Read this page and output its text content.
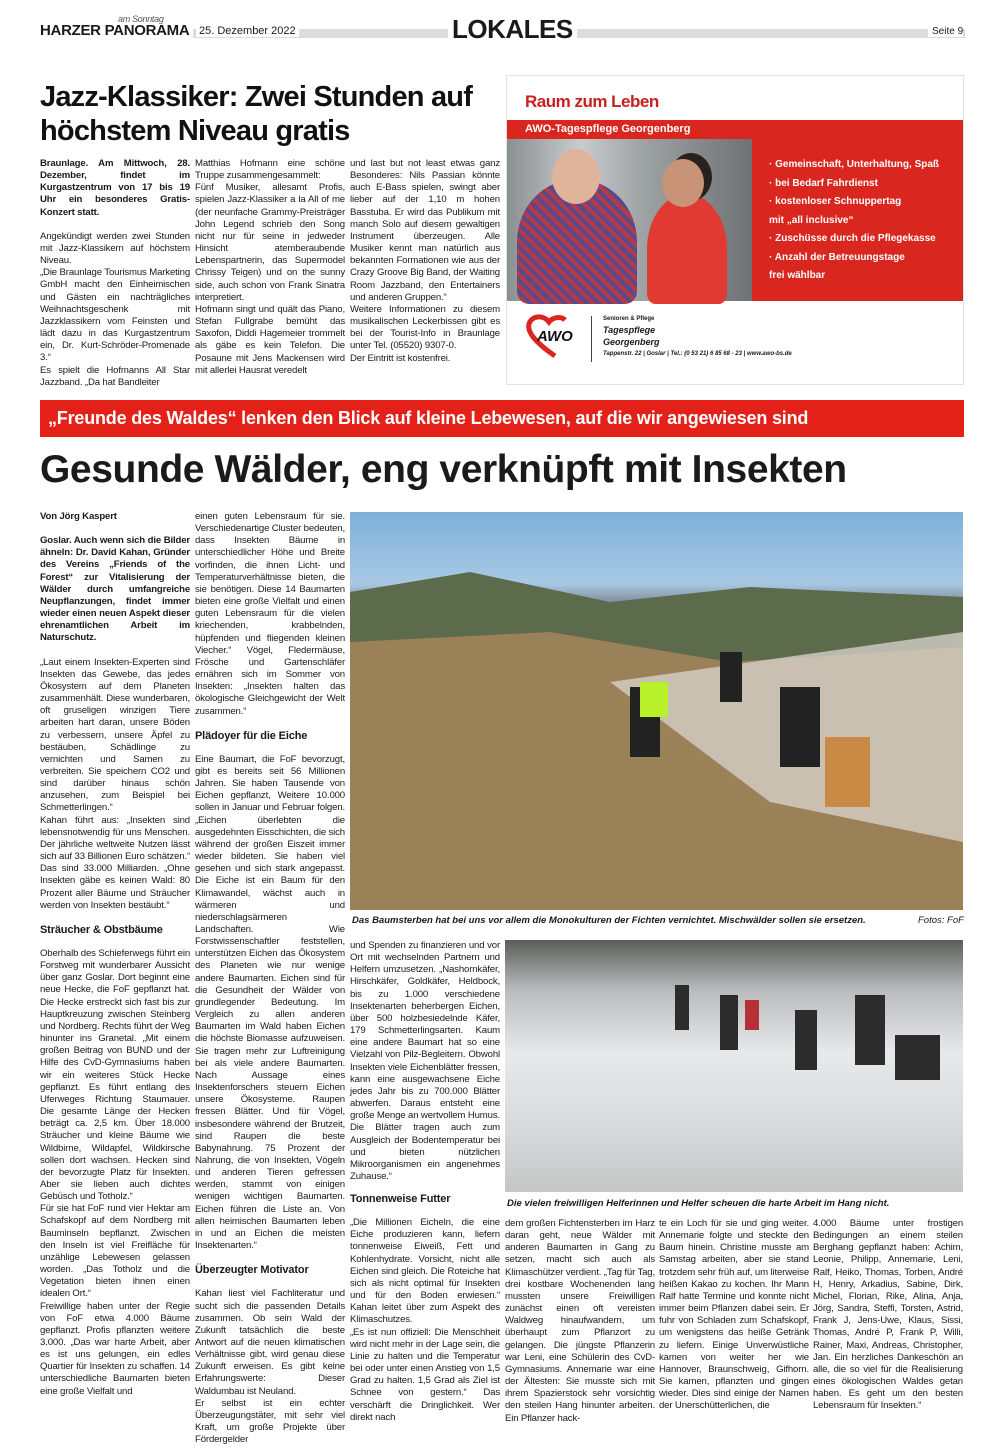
HARZER PANORAMA
am Sonntag
25. Dezember 2022	LOKALES	Seite 9
Jazz-Klassiker: Zwei Stunden auf höchstem Niveau gratis

Braunlage. Am Mittwoch, 28. Dezember, findet im Kurgastzentrum von 17 bis 19 Uhr ein besonderes Gratis-Konzert statt.

Angekündigt werden zwei Stunden mit Jazz-Klassikern auf höchstem Niveau.

„Die Braunlage Tourismus Marketing GmbH macht den Einheimischen und Gästen ein nachträgliches Weihnachtsgeschenk mit Jazzklassikern vom Feinsten und lädt dazu in das Kurgastzentrum ein, Dr. Kurt-Schröder-Promenade 3.“

Es spielt die Hofmanns All Star Jazzband. „Da hat Bandleiter

Matthias Hofmann eine schöne Truppe zusammengesammelt:

Fünf Musiker, allesamt Profis, spielen Jazz-Klassiker a la All of me (der neunfache Grammy-Preisträger John Legend schrieb den Song nicht nur für seine in jedweder Hinsicht atemberaubende Lebenspartnerin, das Supermodel Chrissy Teigen) und on the sunny side, auch schon von Frank Sinatra interpretiert.

Hofmann singt und quält das Piano, Stefan Fullgrabe bemüht das Saxofon, Diddi Hagemeier trommelt als gäbe es kein Telefon. Die Posaune mit Jens Mackensen wird mit allerlei Hausrat veredelt

und last but not least etwas ganz Besonderes: Nils Passian könnte auch E-Bass spielen, swingt aber lieber auf der 1,10 m hohen Basstuba. Er wird das Publikum mit manch Solo auf diesem gewaltigen Instrument überzeugen. Alle Musiker kennt man natürlich aus bekannten Formationen wie aus der Crazy Groove Big Band, der Waiting Room Jazzband, den Entertainers und anderen Gruppen.“

Weitere Informationen zu diesem musikalischen Leckerbissen gibt es bei der Tourist-Info in Braunlage unter Tel. (05520) 9307-0.

Der Eintritt ist kostenfrei.

Raum zum Leben
AWO-Tagespflege Georgenberg
· Gemeinschaft, Unterhaltung, Spaß
· bei Bedarf Fahrdienst
· kostenloser Schnuppertag mit „all inclusive“
· Zuschüsse durch die Pflegekasse
· Anzahl der Betreuungstage frei wählbar
AWO
Senioren & Pflege
Tagespflege Georgenberg
Tappenstr. 22 | Goslar | Tel.: (0 53 21) 6 85 68 - 23 | www.awo-bs.de
„Freunde des Waldes“ lenken den Blick auf kleine Lebewesen, auf die wir angewiesen sind
Gesunde Wälder, eng verknüpft mit Insekten

Von Jörg Kaspert

Goslar. Auch wenn sich die Bilder ähneln: Dr. David Kahan, Gründer des Vereins „Friends of the Forest“ zur Vitalisierung der Wälder durch umfangreiche Neupflanzungen, findet immer wieder einen neuen Aspekt dieser ehrenamtlichen Arbeit im Naturschutz.

„Laut einem Insekten-Experten sind Insekten das Gewebe, das jedes Ökosystem auf dem Planeten zusammenhält. Diese wunderbaren, oft gruseligen winzigen Tiere arbeiten hart daran, unsere Böden zu verbessern, unsere Äpfel zu bestäuben, Schädlinge zu vernichten und Samen zu verbreiten. Sie speichern CO2 und sind darüber hinaus schön anzusehen, zum Beispiel bei Schmetterlingen.“

Kahan führt aus: „Insekten sind lebensnotwendig für uns Menschen. Der jährliche weltweite Nutzen lässt sich auf 33 Billionen Euro schätzen.“ Das sind 33.000 Milliarden. „Ohne Insekten gäbe es keinen Wald: 80 Prozent aller Bäume und Sträucher werden von Insekten bestäubt.“

Sträucher & Obstbäume

Oberhalb des Schieferwegs führt ein Forstweg mit wunderbarer Aussicht über ganz Goslar. Dort beginnt eine neue Hecke, die FoF gepflanzt hat. Die Hecke erstreckt sich fast bis zur Hauptkreuzung zwischen Steinberg und Nordberg. Rechts führt der Weg hinunter ins Granetal. „Mit einem großen Beitrag von BUND und der Hilfe des CvD-Gymnasiums haben wir ein weiteres Stück Hecke gepflanzt. Es führt entlang des Uferweges Richtung Staumauer. Die gesamte Länge der Hecken beträgt ca. 2,5 km. Über 18.000 Sträucher und kleine Bäume wie Wildbirne, Wildapfel, Wildkirsche sollen dort wachsen. Hecken sind der bevorzugte Platz für Insekten. Aber sie lieben auch dichtes Gebüsch und Totholz.“

Für sie hat FoF rund vier Hektar am Schafskopf auf dem Nordberg mit Bauminseln bepflanzt. Zwischen den Inseln ist viel Freifläche für unzählige Lebewesen gelassen worden. „Das Totholz und die Vegetation bieten ihnen einen idealen Ort.“

Freiwillige haben unter der Regie von FoF etwa 4.000 Bäume gepflanzt. Profis pflanzten weitere 3.000. „Das war harte Arbeit, aber es ist uns gelungen, ein edles Quartier für Insekten zu schaffen. 14 unterschiedliche Baumarten bieten eine große Vielfalt und

einen guten Lebensraum für sie. Verschiedenartige Cluster bedeuten, dass Insekten Bäume in unterschiedlicher Höhe und Breite vorfinden, die ihnen Licht- und Temperaturverhältnisse bieten, die sie benötigen. Diese 14 Baumarten bieten eine große Vielfalt und einen guten Lebensraum für die vielen kriechenden, krabbelnden, hüpfenden und fliegenden kleinen Viecher.“ Vögel, Fledermäuse, Frösche und Gartenschläfer ernähren sich im Sommer von Insekten: „Insekten halten das ökologische Gleichgewicht der Welt zusammen.“

Plädoyer für die Eiche

Eine Baumart, die FoF bevorzugt, gibt es bereits seit 56 Millionen Jahren. Sie haben Tausende von Eichen gepflanzt, Weitere 10.000 sollen in Januar und Februar folgen. „Eichen überlebten die ausgedehnten Eisschichten, die sich während der großen Eiszeit immer wieder bildeten. Sie haben viel gesehen und sich stark angepasst. Die Eiche ist ein Baum für den Klimawandel, wächst auch in wärmeren und niederschlagsärmeren Landschaften. Wie Forstwissenschaftler feststellen, unterstützen Eichen das Ökosystem des Planeten wie nur wenige andere Baumarten. Eichen sind für die Gesundheit der Wälder von grundlegender Bedeutung. Im Vergleich zu allen anderen Baumarten im Wald haben Eichen die höchste Biomasse aufzuweisen. Sie tragen mehr zur Luftreinigung bei als viele andere Baumarten. Nach Aussage eines Insektenforschers steuern Eichen unsere Ökosysteme. Raupen fressen Blätter. Und für Vögel, insbesondere während der Brutzeit, sind Raupen die beste Babynahrung. 75 Prozent der Nahrung, die von Insekten, Vögeln und anderen Tieren gefressen werden, stammt von einigen wenigen wichtigen Baumarten. Eichen führen die Liste an. Von allen heimischen Baumarten leben in und an Eichen die meisten Insektenarten.“

Überzeugter Motivator

Kahan liest viel Fachliteratur und sucht sich die passenden Details zusammen. Ob sein Wald der Zukunft tatsächlich die beste Antwort auf die neuen klimatischen Verhältnisse gibt, wird genau diese Zukunft erweisen. Es gibt keine Erfahrungswerte: Dieser Waldumbau ist Neuland.

Er selbst ist ein echter Überzeugungstäter, mit sehr viel Kraft, um große Projekte über Fördergelder

und Spenden zu finanzieren und vor Ort mit wechselnden Partnern und Helfern umzusetzen. „Nashornkäfer, Hirschkäfer, Goldkäfer, Heldbock, bis zu 1.000 verschiedene Insektenarten beherbergen Eichen, über 500 holzbesiedelnde Käfer, 179 Schmetterlingsarten. Kaum eine andere Baumart hat so eine Vielzahl von Pilz-Begleitern. Obwohl Insekten viele Eichenblätter fressen, kann eine ausgewachsene Eiche jedes Jahr bis zu 700.000 Blätter abwerfen. Daraus entsteht eine große Menge an wertvollem Humus. Die Blätter tragen auch zum Ausgleich der Bodentemperatur bei und bieten nützlichen Mikroorganismen ein angenehmes Zuhause.“

Tonnenweise Futter

„Die Millionen Eicheln, die eine Eiche produzieren kann, liefern tonnenweise Eiweiß, Fett und Kohlenhydrate. Vorsicht, nicht alle Eichen sind gleich. Die Roteiche hat sich als nicht optimal für Insekten und für den Boden erwiesen.“ Kahan leitet über zum Aspekt des Klimaschutzes.

„Es ist nun offiziell: Die Menschheit wird nicht mehr in der Lage sein, die Linie zu halten und die Temperatur bei oder unter einen Anstieg von 1,5 Grad zu halten. 1,5 Grad als Ziel ist Schnee von gestern.“ Das verschärft die Dringlichkeit. Wer direkt nach

dem großen Fichtensterben im Harz daran geht, neue Wälder mit anderen Baumarten in Gang zu setzen, macht sich auch als Klimaschützer verdient. „Tag für Tag, drei kostbare Wochenenden lang mussten unsere Freiwilligen zunächst einen oft vereisten Waldweg hinaufwandern, um überhaupt zum Pflanzort zu gelangen. Die jüngste Pflanzerin war Leni, eine Schülerin des CvD-Gymnasiums. Annemarie war eine der Ältesten: Sie musste sich mit ihrem Spazierstock sehr vorsichtig den steilen Hang hinunter arbeiten. Ein Pflanzer hack-

te ein Loch für sie und ging weiter. Annemarie folgte und steckte den Baum hinein. Christine musste am Samstag arbeiten, aber sie stand trotzdem sehr früh auf, um literweise heißen Kakao zu kochen. Ihr Mann Ralf hatte Termine und konnte nicht immer beim Pflanzen dabei sein. Er fuhr von Schladen zum Schafskopf, um wenigstens das heiße Getränk zu liefern. Einige Unverwüstliche kamen von weiter her wie Hannover, Braunschweig, Gifhorn. Sie kamen, pflanzten und gingen wieder. Dies sind einige der Namen der Unerschütterlichen, die

4.000 Bäume unter frostigen Bedingungen an einem steilen Berghang gepflanzt haben: Achim, Leonie, Philipp, Annemarie, Leni, Ralf, Heiko, Thomas, Torben, André H, Henry, Arkadius, Sabine, Dirk, Michel, Florian, Rike, Alina, Anja, Jörg, Sandra, Steffi, Torsten, Astrid, Frank J, Jens-Uwe, Klaus, Sissi, Thomas, André P, Frank P, Willi, Rainer, Maxi, Andreas, Christopher, Jan. Ein herzliches Dankeschön an alle, die so viel für die Realisierung eines ökologischen Waldes getan haben. Es geht um den besten Lebensraum für Insekten.“

Das Baumsterben hat bei uns vor allem die Monokulturen der Fichten vernichtet. Mischwälder sollen sie ersetzen.	Fotos: FoF
Die vielen freiwilligen Helferinnen und Helfer scheuen die harte Arbeit im Hang nicht.
